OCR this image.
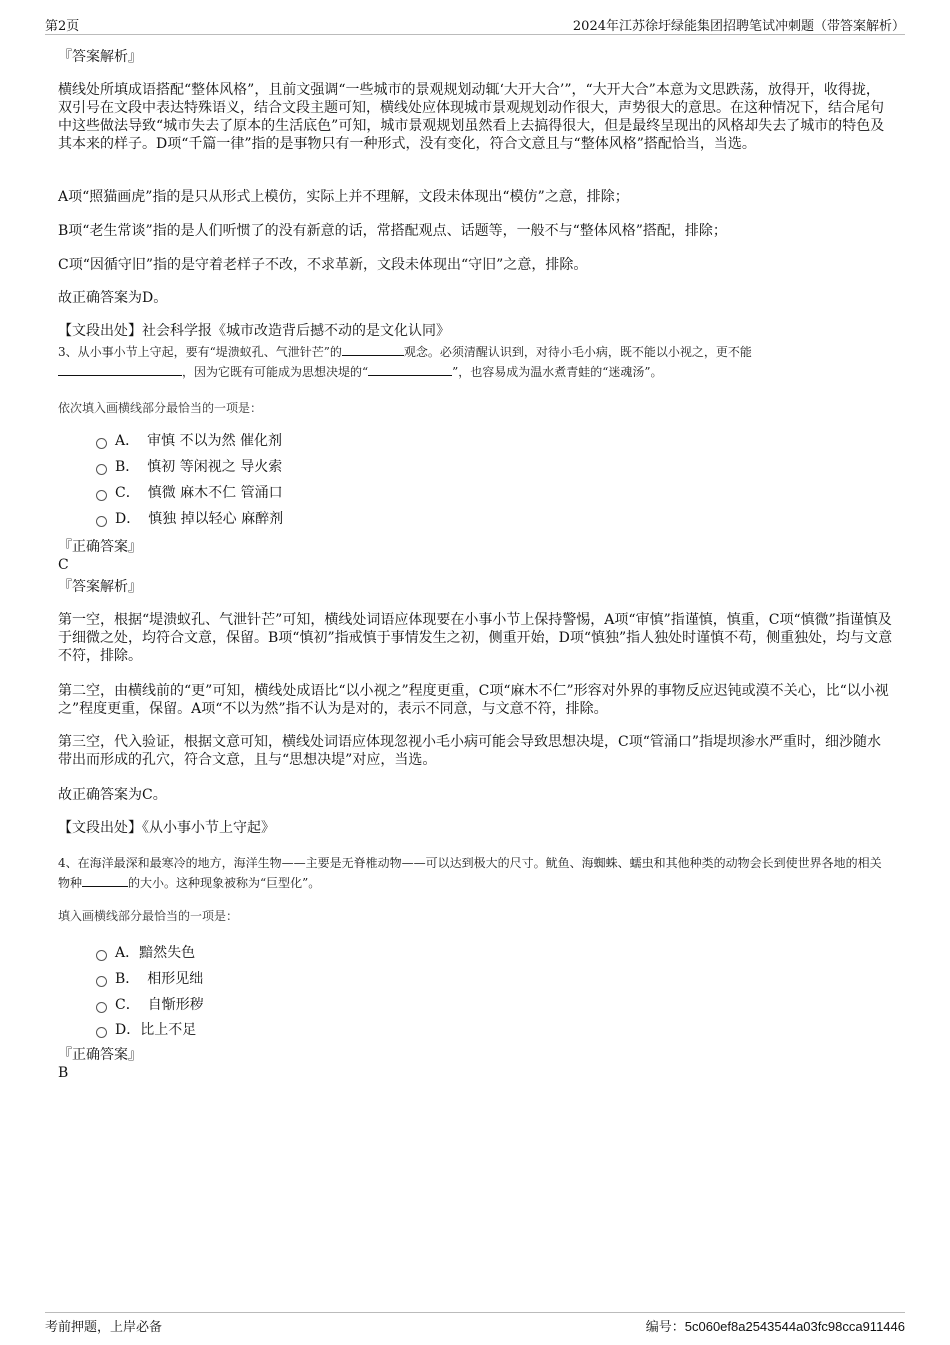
第2页	2024年江苏徐圩绿能集团招聘笔试冲刺题（带答案解析）
『答案解析』
横线处所填成语搭配“整体风格”，且前文强调“一些城市的景观规划动辄‘大开大合’”，“大开大合”本意为文思跌荡，放得开，收得拢，双引号在文段中表达特殊语义，结合文段主题可知，横线处应体现城市景观规划动作很大，声势很大的意思。在这种情况下，结合尾句中这些做法导致“城市失去了原本的生活底色”可知，城市景观规划虽然看上去搞得很大，但是最终呈现出的风格却失去了城市的特色及其本来的样子。D项“千篇一律”指的是事物只有一种形式，没有变化，符合文意且与“整体风格”搭配恰当，当选。
A项“照猫画虎”指的是只从形式上模仿，实际上并不理解，文段未体现出“模仿”之意，排除；
B项“老生常谈”指的是人们听惯了的没有新意的话，常搭配观点、话题等，一般不与“整体风格”搭配，排除；
C项“因循守旧”指的是守着老样子不改，不求革新，文段未体现出“守旧”之意，排除。
故正确答案为D。
【文段出处】社会科学报《城市改造背后撼不动的是文化认同》
3、从小事小节上守起，要有“堤溃蚁孔、气泄针芒”的	观念。必须清醒认识到，对待小毛小病，既不能以小视之，更不能
，因为它既有可能成为思想决堤的“	”，也容易成为温水煮青蛙的“迷魂汤”。
依次填入画横线部分最恰当的一项是：
A． 审慎 不以为然 催化剂
B． 慎初 等闲视之 导火索
C． 慎微 麻木不仁 管涌口
D． 慎独 掉以轻心 麻醉剂
『正确答案』
C
『答案解析』
第一空，根据“堤溃蚁孔、气泄针芒”可知，横线处词语应体现要在小事小节上保持警惕，A项“审慎”指谨慎，慎重，C项“慎微”指谨慎及于细微之处，均符合文意，保留。B项“慎初”指戒慎于事情发生之初，侧重开始，D项“慎独”指人独处时谨慎不苟，侧重独处，均与文意不符，排除。
第二空，由横线前的“更”可知，横线处成语比“以小视之”程度更重，C项“麻木不仁”形容对外界的事物反应迟钝或漠不关心，比“以小视之”程度更重，保留。A项“不以为然”指不认为是对的，表示不同意，与文意不符，排除。
第三空，代入验证，根据文意可知，横线处词语应体现忽视小毛小病可能会导致思想决堤，C项“管涌口”指堤坝渗水严重时，细沙随水带出而形成的孔穴，符合文意，且与“思想决堤”对应，当选。
故正确答案为C。
【文段出处】《从小事小节上守起》
4、在海洋最深和最寒冷的地方，海洋生物——主要是无脊椎动物——可以达到极大的尺寸。鱿鱼、海蜘蛛、蠕虫和其他种类的动物会长到使世界各地的相关物种	的大小。这种现象被称为“巨型化”。
填入画横线部分最恰当的一项是：
A． 黯然失色
B． 相形见绌
C． 自惭形秽
D． 比上不足
『正确答案』
B
考前押题，上岸必备	编号：5c060ef8a2543544a03fc98cca911446
